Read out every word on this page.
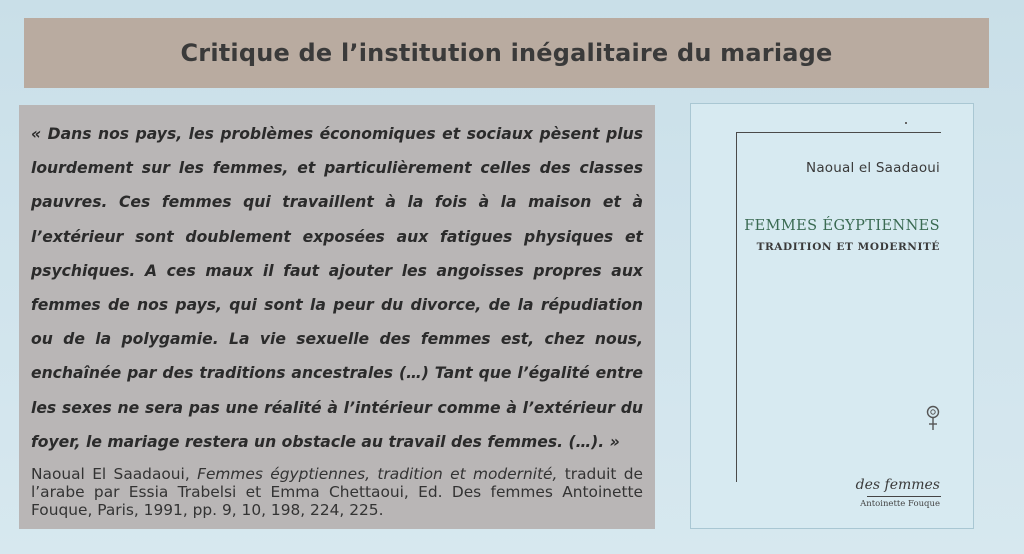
Critique de l’institution inégalitaire du mariage

« Dans nos pays, les problèmes économiques et sociaux pèsent plus lourdement sur les femmes, et particulièrement celles des classes pauvres. Ces femmes qui travaillent à la fois à la maison et à l’extérieur sont doublement exposées aux fatigues physiques et psychiques. A ces maux il faut ajouter les angoisses propres aux femmes de nos pays, qui sont la peur du divorce, de la répudiation ou de la polygamie. La vie sexuelle des femmes est, chez nous, enchaînée par des traditions ancestrales (…) Tant que l’égalité entre les sexes ne sera pas une réalité à l’intérieur comme à l’extérieur du foyer, le mariage restera un obstacle au travail des femmes. (…). »

Naoual El Saadaoui, Femmes égyptiennes, tradition et modernité, traduit de l’arabe par Essia Trabelsi et Emma Chettaoui, Ed. Des femmes Antoinette Fouque, Paris, 1991, pp. 9, 10, 198, 224, 225.
Naoual el Saadaoui
FEMMES ÉGYPTIENNES
TRADITION ET MODERNITÉ
des femmes
Antoinette Fouque
